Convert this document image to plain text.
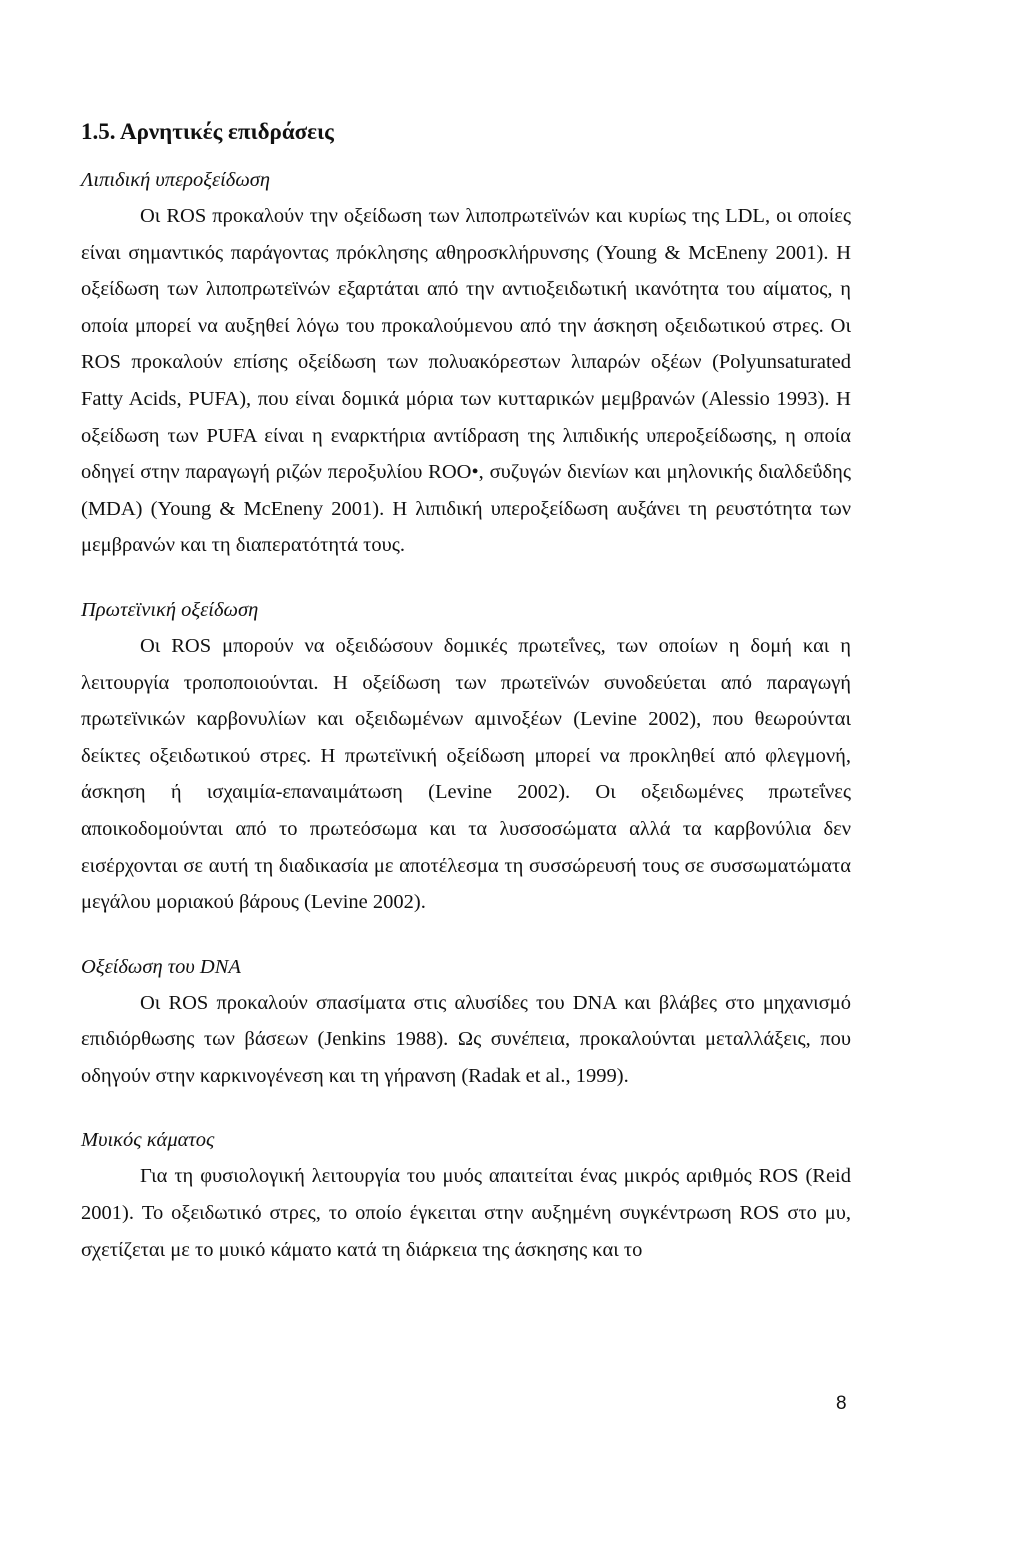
1.5. Αρνητικές επιδράσεις

Λιπιδική υπεροξείδωση

Οι ROS προκαλούν την οξείδωση των λιποπρωτεϊνών και κυρίως της LDL, οι οποίες είναι σημαντικός παράγοντας πρόκλησης αθηροσκλήρυνσης (Young & McEneny 2001). Η οξείδωση των λιποπρωτεϊνών εξαρτάται από την αντιοξειδωτική ικανότητα του αίματος, η οποία μπορεί να αυξηθεί λόγω του προκαλούμενου από την άσκηση οξειδωτικού στρες. Οι ROS προκαλούν επίσης οξείδωση των πολυακόρεστων λιπαρών οξέων (Polyunsaturated Fatty Acids, PUFA), που είναι δομικά μόρια των κυτταρικών μεμβρανών (Alessio 1993). Η οξείδωση των PUFA είναι η εναρκτήρια αντίδραση της λιπιδικής υπεροξείδωσης, η οποία οδηγεί στην παραγωγή ριζών περοξυλίου ROO•, συζυγών διενίων και μηλονικής διαλδεΰδης (MDA) (Young & McEneny 2001). Η λιπιδική υπεροξείδωση αυξάνει τη ρευστότητα των μεμβρανών και τη διαπερατότητά τους.

Πρωτεϊνική οξείδωση

Οι ROS μπορούν να οξειδώσουν δομικές πρωτεΐνες, των οποίων η δομή και η λειτουργία τροποποιούνται. Η οξείδωση των πρωτεϊνών συνοδεύεται από παραγωγή πρωτεϊνικών καρβονυλίων και οξειδωμένων αμινοξέων (Levine 2002), που θεωρούνται δείκτες οξειδωτικού στρες. Η πρωτεϊνική οξείδωση μπορεί να προκληθεί από φλεγμονή, άσκηση ή ισχαιμία-επαναιμάτωση (Levine 2002). Οι οξειδωμένες πρωτεΐνες αποικοδομούνται από το πρωτεόσωμα και τα λυσσοσώματα αλλά τα καρβονύλια δεν εισέρχονται σε αυτή τη διαδικασία με αποτέλεσμα τη συσσώρευσή τους σε συσσωματώματα μεγάλου μοριακού βάρους (Levine 2002).

Οξείδωση του DNA

Οι ROS προκαλούν σπασίματα στις αλυσίδες του DNA και βλάβες στο μηχανισμό επιδιόρθωσης των βάσεων (Jenkins 1988). Ως συνέπεια, προκαλούνται μεταλλάξεις, που οδηγούν στην καρκινογένεση και τη γήρανση (Radak et al., 1999).

Μυικός κάματος

Για τη φυσιολογική λειτουργία του μυός απαιτείται ένας μικρός αριθμός ROS (Reid 2001). Το οξειδωτικό στρες, το οποίο έγκειται στην αυξημένη συγκέντρωση ROS στο μυ, σχετίζεται με το μυικό κάματο κατά τη διάρκεια της άσκησης και το

8
